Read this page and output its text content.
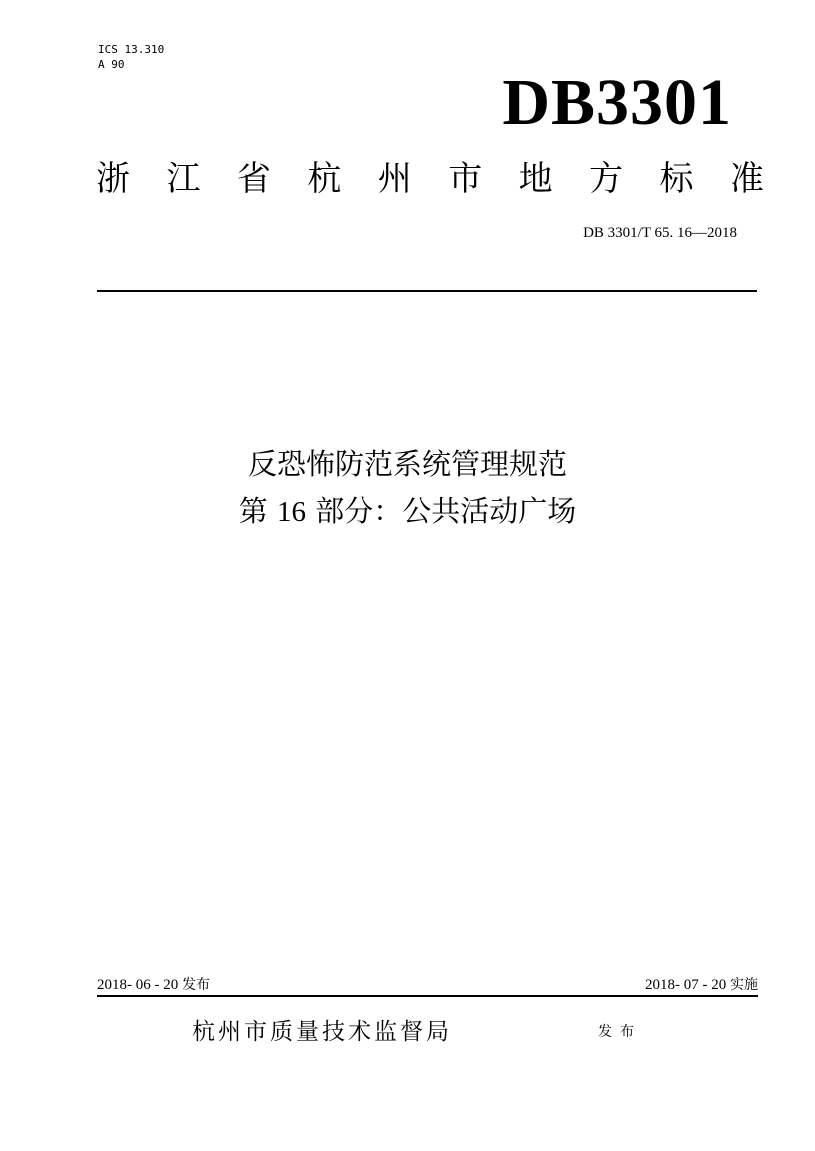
ICS 13.310
A 90
DB3301
浙 江 省 杭 州 市 地 方 标 准
DB 3301/T 65. 16—2018
反恐怖防范系统管理规范
第 16 部分：公共活动广场
2018- 06 - 20 发布	2018- 07 - 20 实施
杭州市质量技术监督局	发布
